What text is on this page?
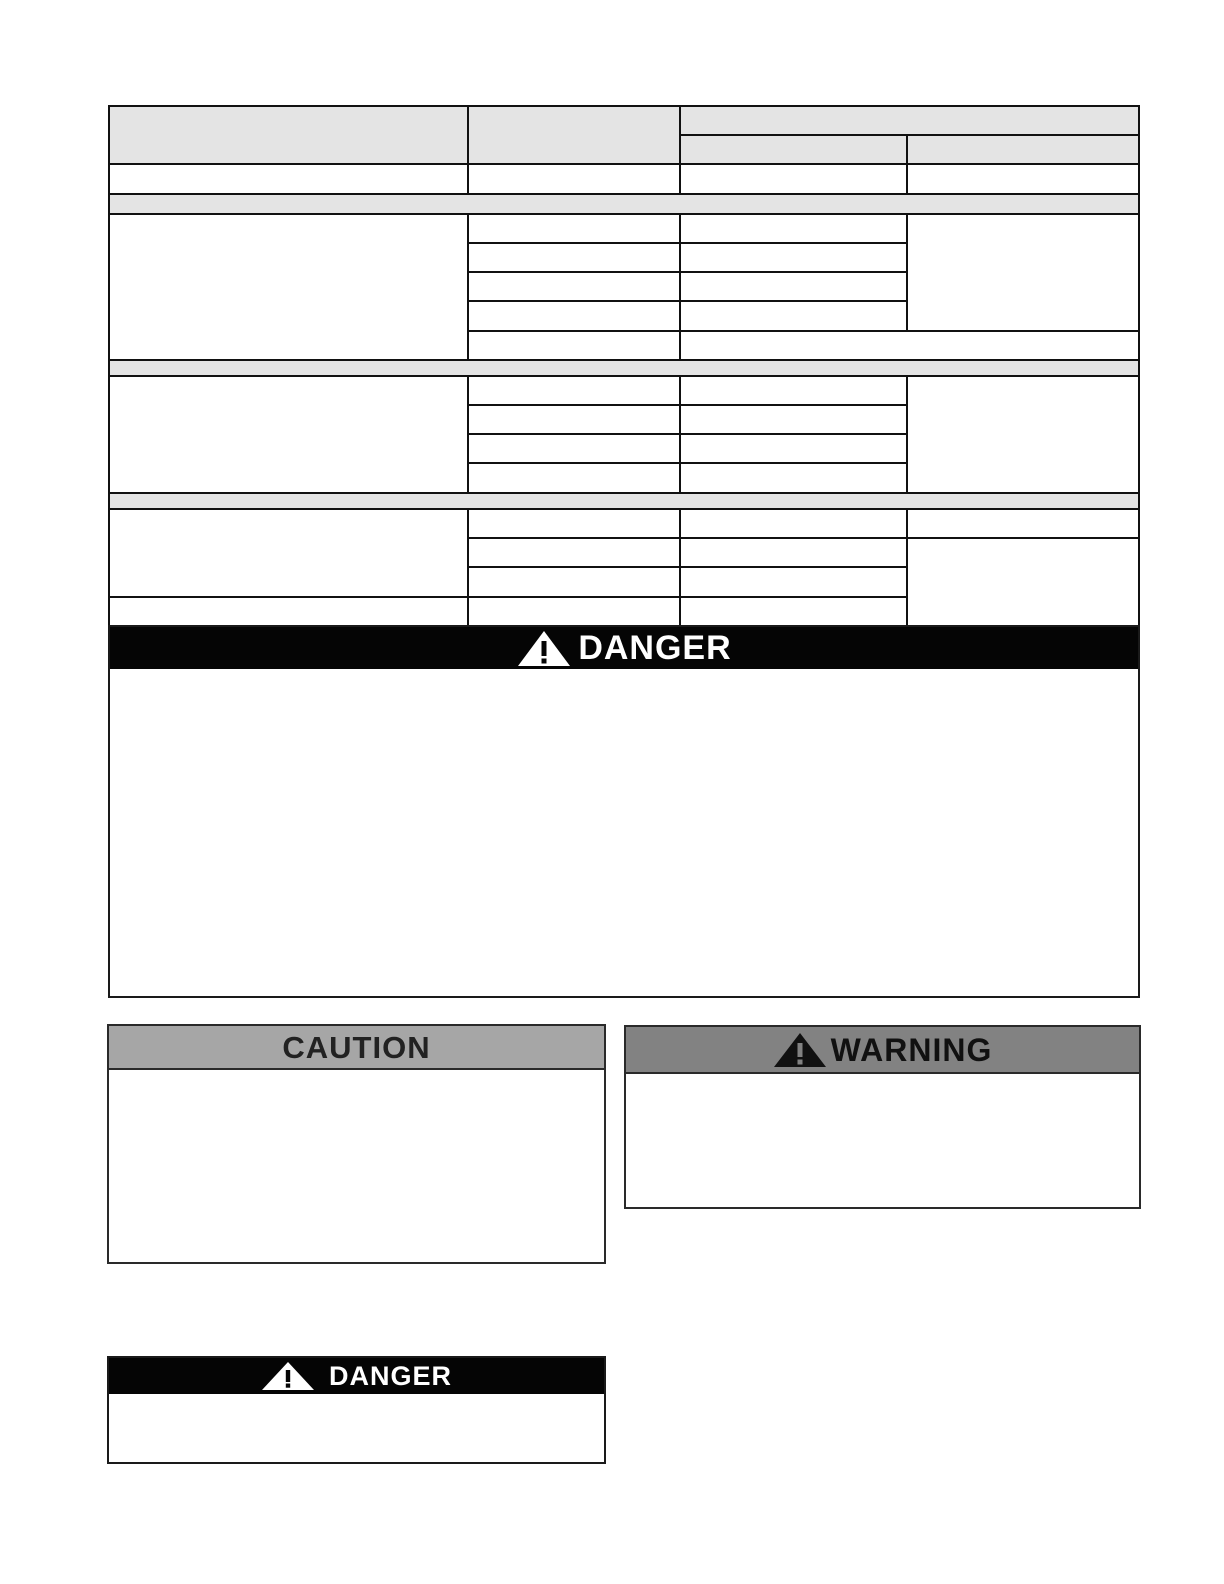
DANGER
CAUTION	WARNING
DANGER
